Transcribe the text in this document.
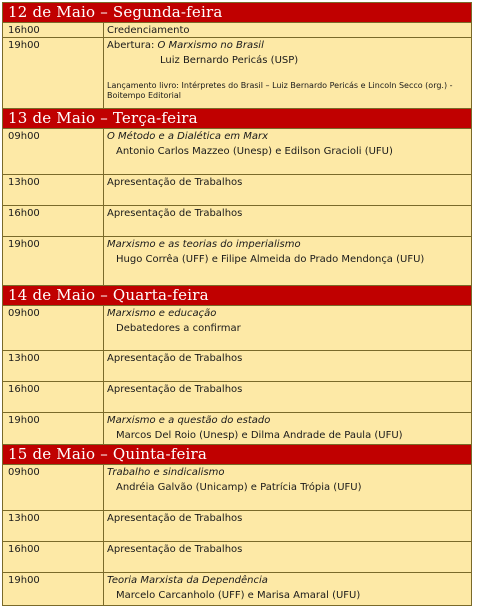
12 de Maio – Segunda-feira
16h00	Credenciamento
19h00	Abertura: O Marxismo no Brasil
Luiz Bernardo Pericás (USP)
Lançamento livro: Intérpretes do Brasil – Luiz Bernardo Pericás e Lincoln Secco (org.) - Boitempo Editorial
13 de Maio – Terça-feira
09h00	O Método e a Dialética em Marx
Antonio Carlos Mazzeo (Unesp) e Edilson Gracioli (UFU)
13h00	Apresentação de Trabalhos
16h00	Apresentação de Trabalhos
19h00	Marxismo e as teorias do imperialismo
Hugo Corrêa (UFF) e Filipe Almeida do Prado Mendonça (UFU)
14 de Maio – Quarta-feira
09h00	Marxismo e educação
Debatedores a confirmar
13h00	Apresentação de Trabalhos
16h00	Apresentação de Trabalhos
19h00	Marxismo e a questão do estado
Marcos Del Roio (Unesp) e Dilma Andrade de Paula (UFU)
15 de Maio – Quinta-feira
09h00	Trabalho e sindicalismo
Andréia Galvão (Unicamp) e Patrícia Trópia (UFU)
13h00	Apresentação de Trabalhos
16h00	Apresentação de Trabalhos
19h00	Teoria Marxista da Dependência
Marcelo Carcanholo (UFF) e Marisa Amaral (UFU)
